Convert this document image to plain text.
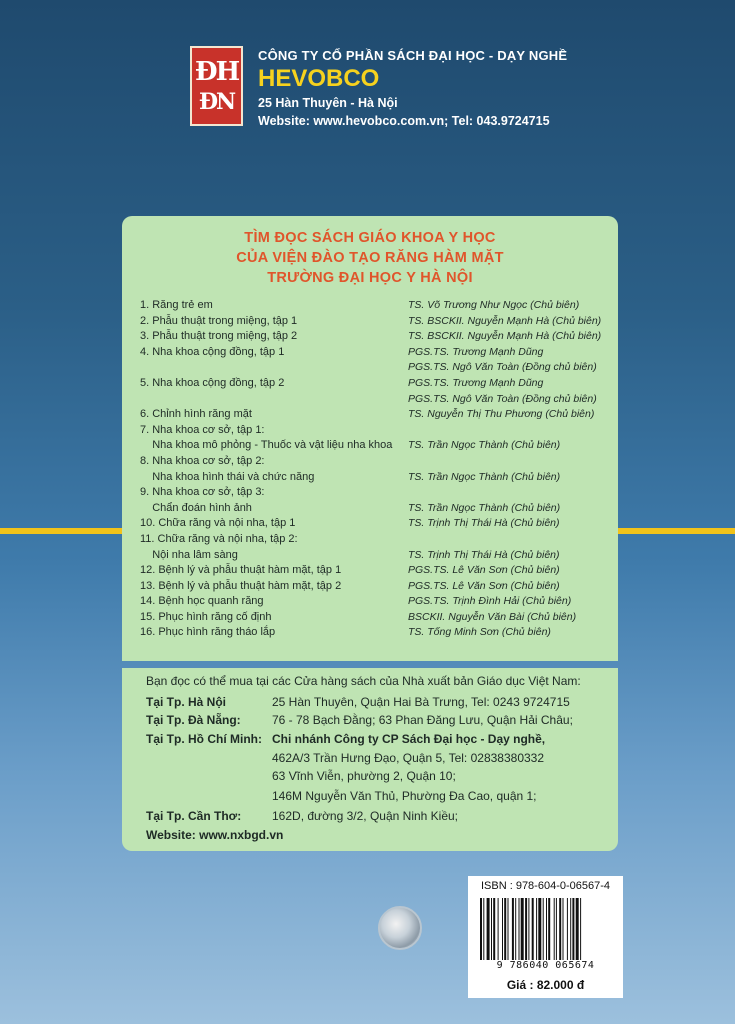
ĐH
ĐN
CÔNG TY CỔ PHẦN SÁCH ĐẠI HỌC - DẠY NGHỀ
HEVOBCO
25 Hàn Thuyên - Hà Nội
Website: www.hevobco.com.vn; Tel: 043.9724715
TÌM ĐỌC SÁCH GIÁO KHOA Y HỌC
CỦA VIỆN ĐÀO TẠO RĂNG HÀM MẶT
TRƯỜNG ĐẠI HỌC Y HÀ NỘI
1. Răng trẻ em	TS. Võ Trương Như Ngọc (Chủ biên)
2. Phẫu thuật trong miệng, tập 1	TS. BSCKII. Nguyễn Mạnh Hà (Chủ biên)
3. Phẫu thuật trong miệng, tập 2	TS. BSCKII. Nguyễn Mạnh Hà (Chủ biên)
4. Nha khoa cộng đồng, tập 1	PGS.TS. Trương Mạnh Dũng
PGS.TS. Ngô Văn Toàn (Đồng chủ biên)
5. Nha khoa cộng đồng, tập 2	PGS.TS. Trương Mạnh Dũng
PGS.TS. Ngô Văn Toàn (Đồng chủ biên)
6. Chỉnh hình răng mặt	TS. Nguyễn Thị Thu Phương (Chủ biên)
7. Nha khoa cơ sở, tập 1:
Nha khoa mô phỏng - Thuốc và vật liệu nha khoa TS. Trần Ngọc Thành (Chủ biên)
8. Nha khoa cơ sở, tập 2:
Nha khoa hình thái và chức năng	TS. Trần Ngọc Thành (Chủ biên)
9. Nha khoa cơ sở, tập 3:
Chẩn đoán hình ảnh	TS. Trần Ngọc Thành (Chủ biên)
10. Chữa răng và nội nha, tập 1	TS. Trịnh Thị Thái Hà (Chủ biên)
11. Chữa răng và nội nha, tập 2:
Nội nha lâm sàng	TS. Trịnh Thị Thái Hà (Chủ biên)
12. Bệnh lý và phẫu thuật hàm mặt, tập 1	PGS.TS. Lê Văn Sơn (Chủ biên)
13. Bệnh lý và phẫu thuật hàm mặt, tập 2	PGS.TS. Lê Văn Sơn (Chủ biên)
14. Bệnh học quanh răng	PGS.TS. Trịnh Đình Hải (Chủ biên)
15. Phục hình răng cố định	BSCKII. Nguyễn Văn Bài (Chủ biên)
16. Phục hình răng tháo lắp	TS. Tống Minh Sơn (Chủ biên)
Bạn đọc có thể mua tại các Cửa hàng sách của Nhà xuất bản Giáo dục Việt Nam:
Tại Tp. Hà Nội	25 Hàn Thuyên, Quận Hai Bà Trưng, Tel: 0243 9724715
Tại Tp. Đà Nẵng:	76 - 78 Bạch Đằng; 63 Phan Đăng Lưu, Quận Hải Châu;
Tại Tp. Hồ Chí Minh: Chi nhánh Công ty CP Sách Đại học - Dạy nghề,
462A/3 Trần Hưng Đạo, Quận 5, Tel: 02838380332
63 Vĩnh Viễn, phường 2, Quận 10;
146M Nguyễn Văn Thủ, Phường Đa Cao, quận 1;
Tại Tp. Cần Thơ:	162D, đường 3/2, Quận Ninh Kiều;
Website: www.nxbgd.vn
ISBN : 978-604-0-06567-4
9 786040 065674
Giá : 82.000 đ
